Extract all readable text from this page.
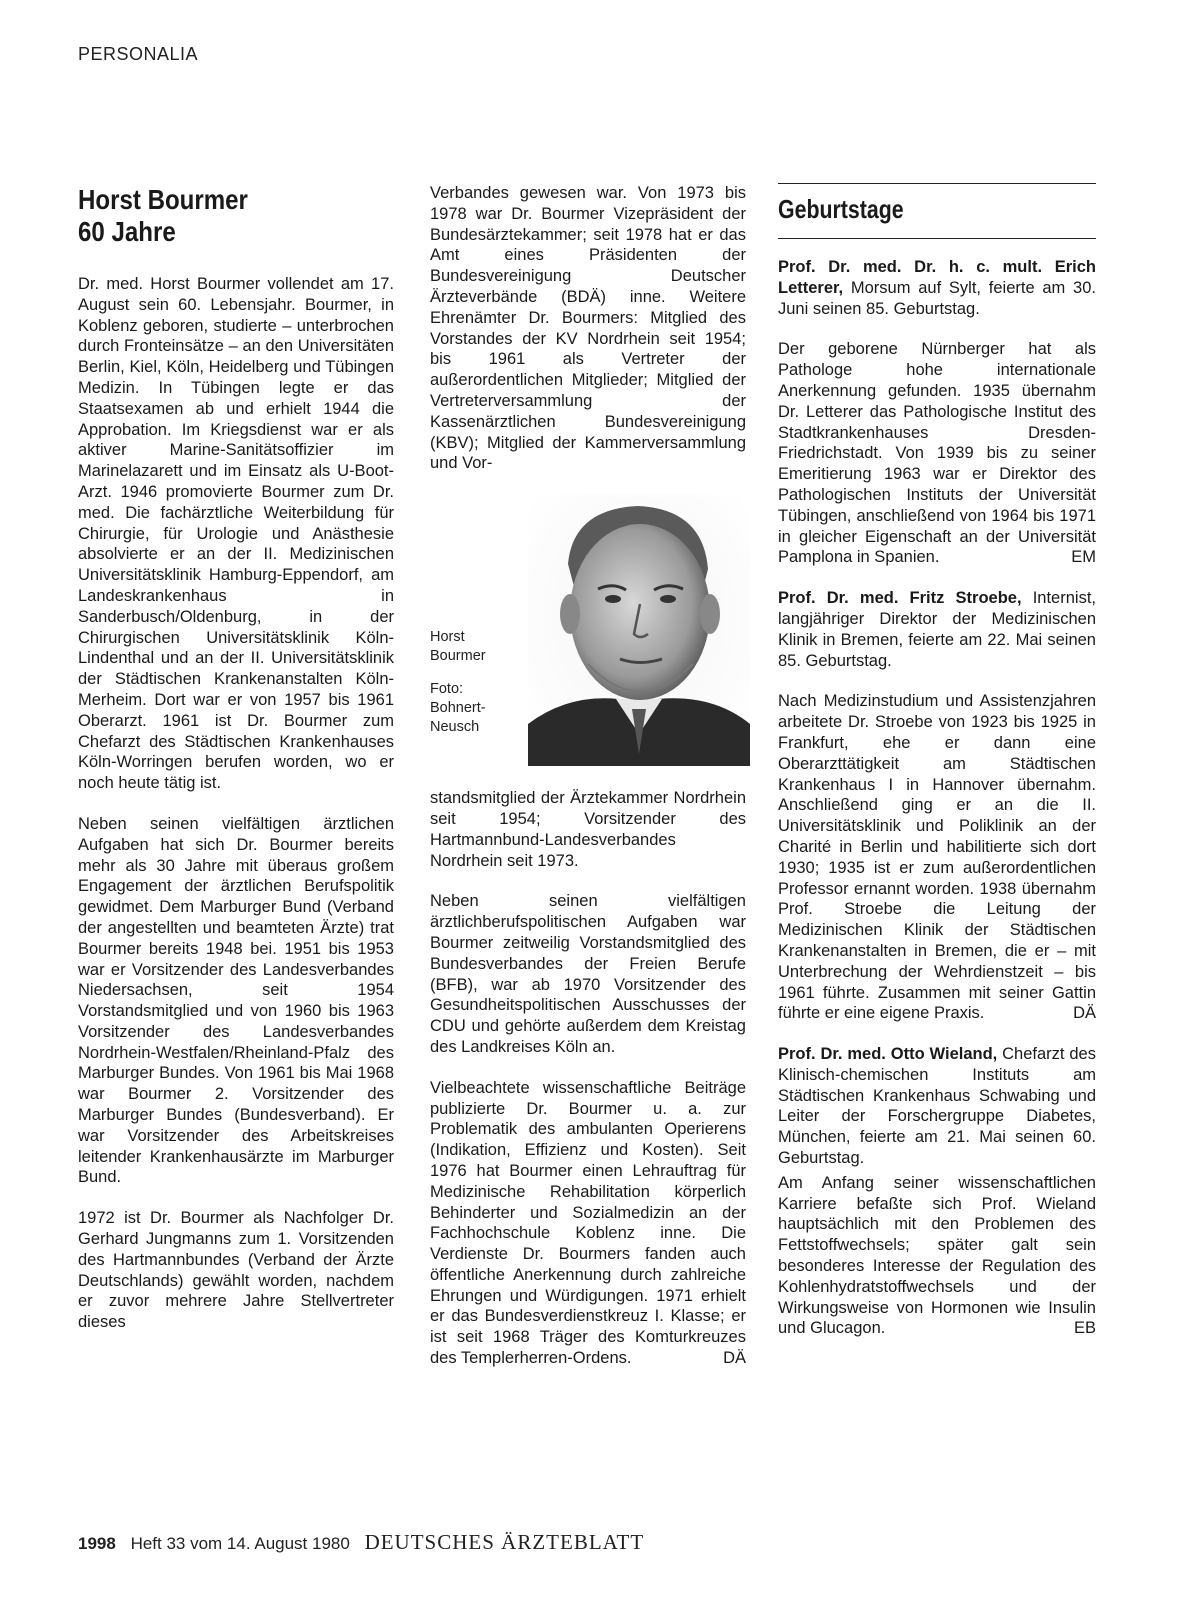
PERSONALIA
Horst Bourmer
60 Jahre

Dr. med. Horst Bourmer vollendet am 17. August sein 60. Lebensjahr. Bourmer, in Koblenz geboren, studierte – unterbrochen durch Fronteinsätze – an den Universitäten Berlin, Kiel, Köln, Heidelberg und Tübingen Medizin. In Tübingen legte er das Staatsexamen ab und erhielt 1944 die Approbation. Im Kriegsdienst war er als aktiver Marine-Sanitätsoffizier im Marinelazarett und im Einsatz als U-Boot-Arzt. 1946 promovierte Bourmer zum Dr. med. Die fachärztliche Weiterbildung für Chirurgie, für Urologie und Anästhesie absolvierte er an der II. Medizinischen Universitätsklinik Hamburg-Eppendorf, am Landeskrankenhaus in Sanderbusch/Oldenburg, in der Chirurgischen Universitätsklinik Köln-Lindenthal und an der II. Universitätsklinik der Städtischen Krankenanstalten Köln-Merheim. Dort war er von 1957 bis 1961 Oberarzt. 1961 ist Dr. Bourmer zum Chefarzt des Städtischen Krankenhauses Köln-Worringen berufen worden, wo er noch heute tätig ist.

Neben seinen vielfältigen ärztlichen Aufgaben hat sich Dr. Bourmer bereits mehr als 30 Jahre mit überaus großem Engagement der ärztlichen Berufspolitik gewidmet. Dem Marburger Bund (Verband der angestellten und beamteten Ärzte) trat Bourmer bereits 1948 bei. 1951 bis 1953 war er Vorsitzender des Landesverbandes Niedersachsen, seit 1954 Vorstandsmitglied und von 1960 bis 1963 Vorsitzender des Landesverbandes Nordrhein-Westfalen/Rheinland-Pfalz des Marburger Bundes. Von 1961 bis Mai 1968 war Bourmer 2. Vorsitzender des Marburger Bundes (Bundesverband). Er war Vorsitzender des Arbeitskreises leitender Krankenhausärzte im Marburger Bund.

1972 ist Dr. Bourmer als Nachfolger Dr. Gerhard Jungmanns zum 1. Vorsitzenden des Hartmannbundes (Verband der Ärzte Deutschlands) gewählt worden, nachdem er zuvor mehrere Jahre Stellvertreter dieses

Verbandes gewesen war. Von 1973 bis 1978 war Dr. Bourmer Vizepräsident der Bundesärztekammer; seit 1978 hat er das Amt eines Präsidenten der Bundesvereinigung Deutscher Ärzteverbände (BDÄ) inne. Weitere Ehrenämter Dr. Bourmers: Mitglied des Vorstandes der KV Nordrhein seit 1954; bis 1961 als Vertreter der außerordentlichen Mitglieder; Mitglied der Vertreterversammlung der Kassenärztlichen Bundesvereinigung (KBV); Mitglied der Kammerversammlung und Vor-

Horst
Bourmer
Foto:
Bohnert-
Neusch

standsmitglied der Ärztekammer Nordrhein seit 1954; Vorsitzender des Hartmannbund-Landesverbandes Nordrhein seit 1973.

Neben seinen vielfältigen ärztlichberufspolitischen Aufgaben war Bourmer zeitweilig Vorstandsmitglied des Bundesverbandes der Freien Berufe (BFB), war ab 1970 Vorsitzender des Gesundheitspolitischen Ausschusses der CDU und gehörte außerdem dem Kreistag des Landkreises Köln an.

Vielbeachtete wissenschaftliche Beiträge publizierte Dr. Bourmer u. a. zur Problematik des ambulanten Operierens (Indikation, Effizienz und Kosten). Seit 1976 hat Bourmer einen Lehrauftrag für Medizinische Rehabilitation körperlich Behinderter und Sozialmedizin an der Fachhochschule Koblenz inne. Die Verdienste Dr. Bourmers fanden auch öffentliche Anerkennung durch zahlreiche Ehrungen und Würdigungen. 1971 erhielt er das Bundesverdienstkreuz I. Klasse; er ist seit 1968 Träger des Komturkreuzes des Templerherren-Ordens.	DÄ

Geburtstage

Prof. Dr. med. Dr. h. c. mult. Erich Letterer, Morsum auf Sylt, feierte am 30. Juni seinen 85. Geburtstag.

Der geborene Nürnberger hat als Pathologe hohe internationale Anerkennung gefunden. 1935 übernahm Dr. Letterer das Pathologische Institut des Stadtkrankenhauses Dresden-Friedrichstadt. Von 1939 bis zu seiner Emeritierung 1963 war er Direktor des Pathologischen Instituts der Universität Tübingen, anschließend von 1964 bis 1971 in gleicher Eigenschaft an der Universität Pamplona in Spanien.	EM

Prof. Dr. med. Fritz Stroebe, Internist, langjähriger Direktor der Medizinischen Klinik in Bremen, feierte am 22. Mai seinen 85. Geburtstag.

Nach Medizinstudium und Assistenzjahren arbeitete Dr. Stroebe von 1923 bis 1925 in Frankfurt, ehe er dann eine Oberarzttätigkeit am Städtischen Krankenhaus I in Hannover übernahm. Anschließend ging er an die II. Universitätsklinik und Poliklinik an der Charité in Berlin und habilitierte sich dort 1930; 1935 ist er zum außerordentlichen Professor ernannt worden. 1938 übernahm Prof. Stroebe die Leitung der Medizinischen Klinik der Städtischen Krankenanstalten in Bremen, die er – mit Unterbrechung der Wehrdienstzeit – bis 1961 führte. Zusammen mit seiner Gattin führte er eine eigene Praxis.	DÄ

Prof. Dr. med. Otto Wieland, Chefarzt des Klinisch-chemischen Instituts am Städtischen Krankenhaus Schwabing und Leiter der Forschergruppe Diabetes, München, feierte am 21. Mai seinen 60. Geburtstag.

Am Anfang seiner wissenschaftlichen Karriere befaßte sich Prof. Wieland hauptsächlich mit den Problemen des Fettstoffwechsels; später galt sein besonderes Interesse der Regulation des Kohlenhydratstoffwechsels und der Wirkungsweise von Hormonen wie Insulin und Glucagon.	EB

1998 Heft 33 vom 14. August 1980 DEUTSCHES ÄRZTEBLATT
